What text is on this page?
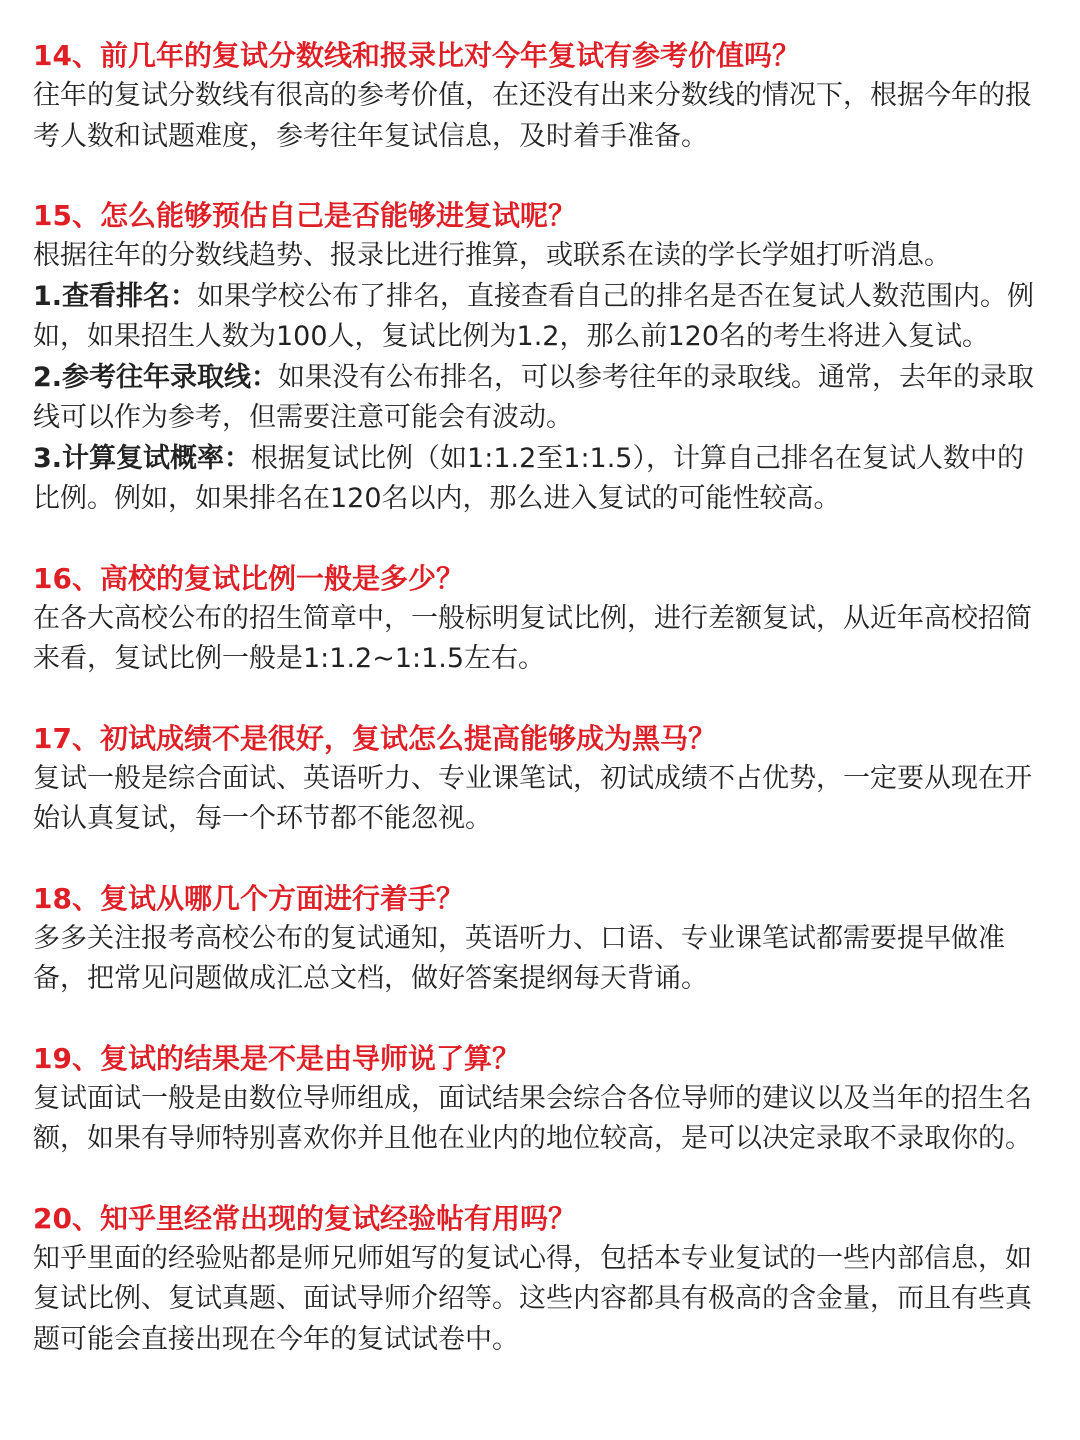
14、前几年的复试分数线和报录比对今年复试有参考价值吗？

往年的复试分数线有很高的参考价值，在还没有出来分数线的情况下，根据今年的报考人数和试题难度，参考往年复试信息，及时着手准备。

15、怎么能够预估自己是否能够进复试呢？

根据往年的分数线趋势、报录比进行推算，或联系在读的学长学姐打听消息。

1.查看排名：如果学校公布了排名，直接查看自己的排名是否在复试人数范围内。例如，如果招生人数为100人，复试比例为1.2，那么前120名的考生将进入复试。

2.参考往年录取线：如果没有公布排名，可以参考往年的录取线。通常，去年的录取线可以作为参考，但需要注意可能会有波动。

3.计算复试概率：根据复试比例（如1:1.2至1:1.5），计算自己排名在复试人数中的比例。例如，如果排名在120名以内，那么进入复试的可能性较高。

16、高校的复试比例一般是多少？

在各大高校公布的招生简章中，一般标明复试比例，进行差额复试，从近年高校招简来看，复试比例一般是1:1.2~1:1.5左右。

17、初试成绩不是很好，复试怎么提高能够成为黑马？

复试一般是综合面试、英语听力、专业课笔试，初试成绩不占优势，一定要从现在开始认真复试，每一个环节都不能忽视。

18、复试从哪几个方面进行着手？

多多关注报考高校公布的复试通知，英语听力、口语、专业课笔试都需要提早做准备，把常见问题做成汇总文档，做好答案提纲每天背诵。

19、复试的结果是不是由导师说了算？

复试面试一般是由数位导师组成，面试结果会综合各位导师的建议以及当年的招生名额，如果有导师特别喜欢你并且他在业内的地位较高，是可以决定录取不录取你的。

20、知乎里经常出现的复试经验帖有用吗？

知乎里面的经验贴都是师兄师姐写的复试心得，包括本专业复试的一些内部信息，如复试比例、复试真题、面试导师介绍等。这些内容都具有极高的含金量，而且有些真题可能会直接出现在今年的复试试卷中。
